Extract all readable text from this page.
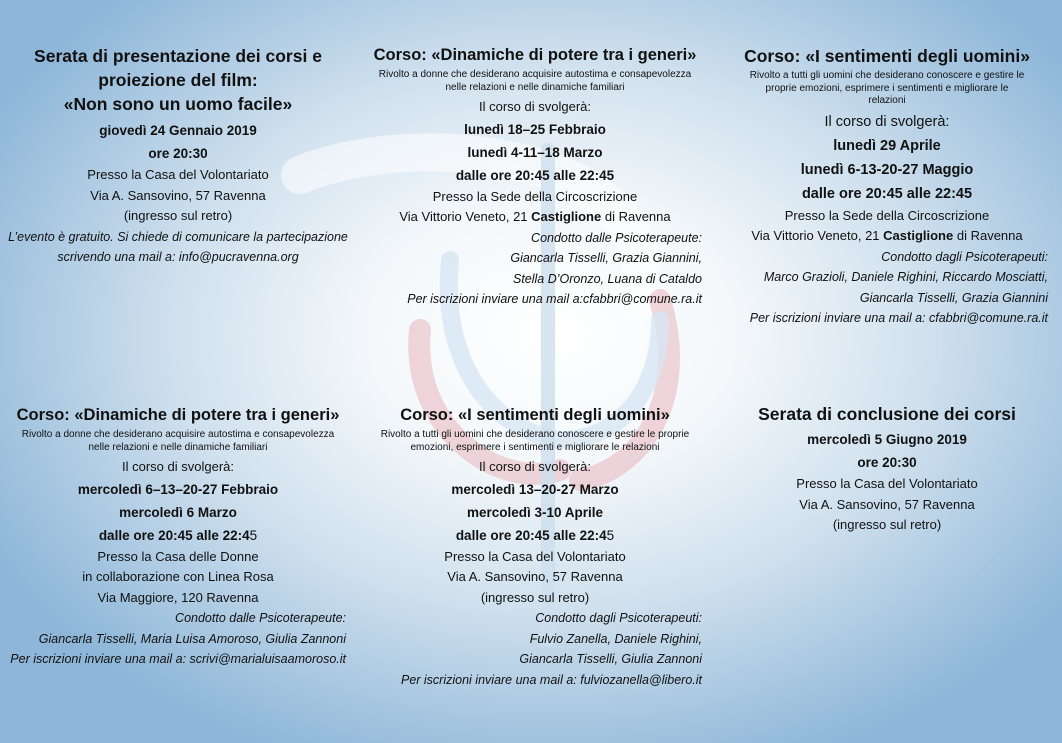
Serata di presentazione dei corsi e
proiezione del film:
«Non sono un uomo facile»
giovedì 24 Gennaio 2019
ore 20:30
Presso la Casa del Volontariato
Via A. Sansovino, 57 Ravenna
(ingresso sul retro)
L’evento è gratuito. Si chiede di comunicare la partecipazione
scrivendo una mail a: info@pucravenna.org
Corso: «Dinamiche di potere tra i generi»
Rivolto a donne che desiderano acquisire autostima e consapevolezza
nelle relazioni e nelle dinamiche familiari
Il corso di svolgerà:
lunedì 18–25 Febbraio
lunedì 4-11–18 Marzo
dalle ore 20:45 alle 22:45
Presso la Sede della Circoscrizione
Via Vittorio Veneto, 21 Castiglione di Ravenna
Condotto dalle Psicoterapeute:
Giancarla Tisselli, Grazia Giannini,
Stella D’Oronzo, Luana di Cataldo
Per iscrizioni inviare una mail a:cfabbri@comune.ra.it
Corso: «I sentimenti degli uomini»
Rivolto a tutti gli uomini che desiderano conoscere e gestire le
proprie emozioni, esprimere i sentimenti e migliorare le
relazioni
Il corso di svolgerà:
lunedì 29 Aprile
lunedì 6-13-20-27 Maggio
dalle ore 20:45 alle 22:45
Presso la Sede della Circoscrizione
Via Vittorio Veneto, 21 Castiglione di Ravenna
Condotto dagli Psicoterapeuti:
Marco Grazioli, Daniele Righini, Riccardo Mosciatti,
Giancarla Tisselli, Grazia Giannini
Per iscrizioni inviare una mail a: cfabbri@comune.ra.it
Corso: «Dinamiche di potere tra i generi»
Rivolto a donne che desiderano acquisire autostima e consapevolezza
nelle relazioni e nelle dinamiche familiari
Il corso di svolgerà:
mercoledì 6–13–20-27 Febbraio
mercoledì 6 Marzo
dalle ore 20:45 alle 22:45
Presso la Casa delle Donne
in collaborazione con Linea Rosa
Via Maggiore, 120 Ravenna
Condotto dalle Psicoterapeute:
Giancarla Tisselli, Maria Luisa Amoroso, Giulia Zannoni
Per iscrizioni inviare una mail a: scrivi@marialuisaamoroso.it
Corso: «I sentimenti degli uomini»
Rivolto a tutti gli uomini che desiderano conoscere e gestire le proprie
emozioni, esprimere i sentimenti e migliorare le relazioni
Il corso di svolgerà:
mercoledì 13–20-27 Marzo
mercoledì 3-10 Aprile
dalle ore 20:45 alle 22:45
Presso la Casa del Volontariato
Via A. Sansovino, 57 Ravenna
(ingresso sul retro)
Condotto dagli Psicoterapeuti:
Fulvio Zanella, Daniele Righini,
Giancarla Tisselli, Giulia Zannoni
Per iscrizioni inviare una mail a: fulviozanella@libero.it
Serata di conclusione dei corsi
mercoledì 5 Giugno 2019
ore 20:30
Presso la Casa del Volontariato
Via A. Sansovino, 57 Ravenna
(ingresso sul retro)
